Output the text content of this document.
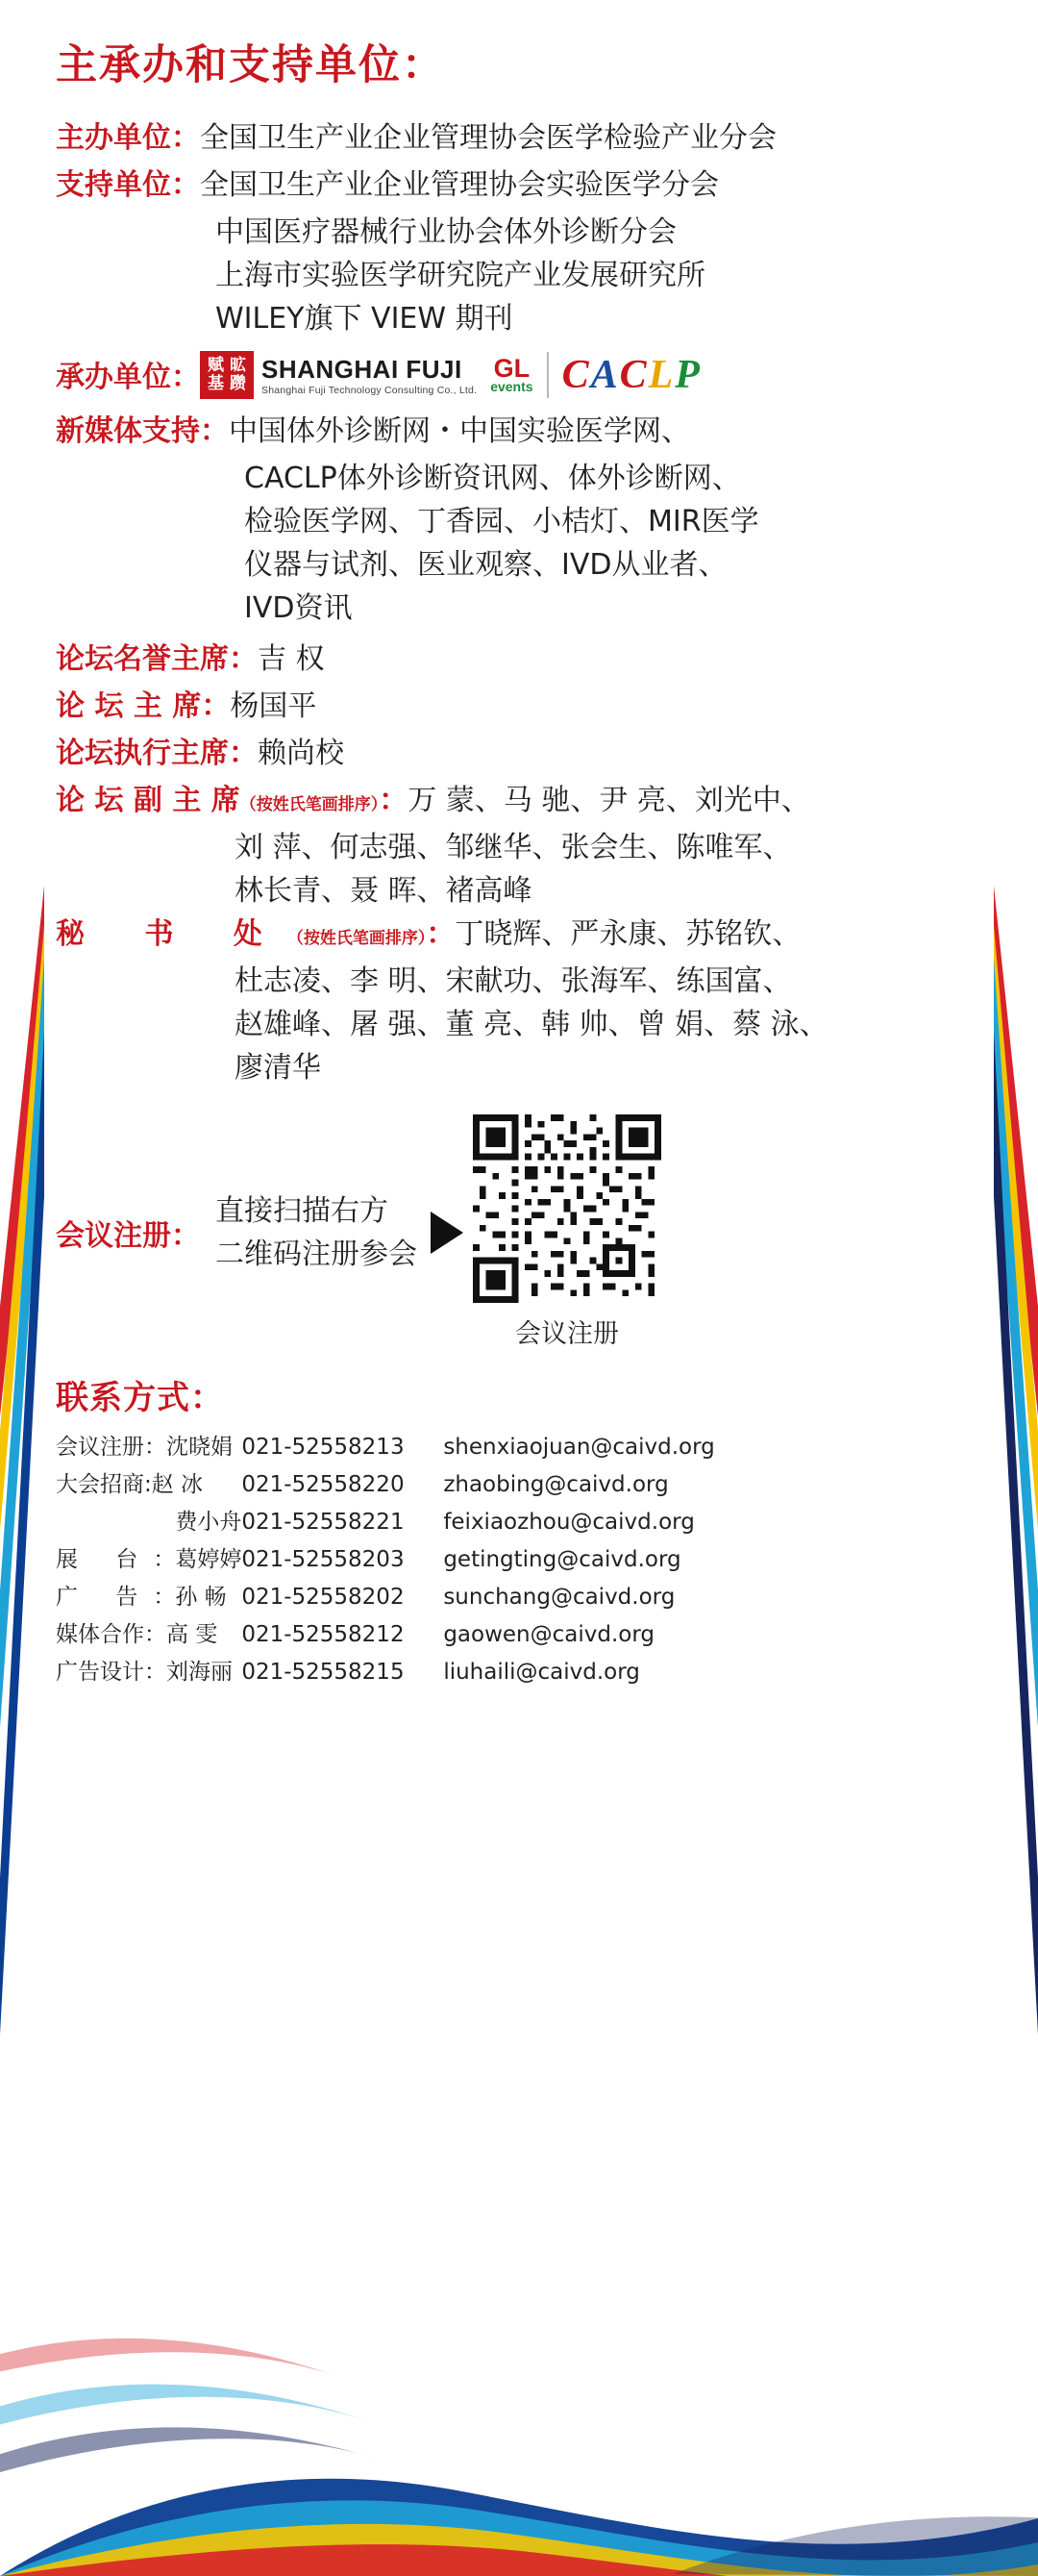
主承办和支持单位：
主办单位： 全国卫生产业企业管理协会医学检验产业分会
支持单位： 全国卫生产业企业管理协会实验医学分会
中国医疗器械行业协会体外诊断分会
上海市实验医学研究院产业发展研究所
WILEY旗下 VIEW 期刊
承办单位： 赋 昿
基 躜
SHANGHAI FUJI
Shanghai Fuji Technology Consulting Co., Ltd.
GL
events CACLP
新媒体支持： 中国体外诊断网・中国实验医学网、
CACLP体外诊断资讯网、体外诊断网、
检验医学网、丁香园、小桔灯、MIR医学
仪器与试剂、医业观察、IVD从业者、
IVD资讯
论坛名誉主席： 吉 权
论 坛 主 席： 杨国平
论坛执行主席： 赖尚校
论 坛 副 主 席（按姓氏笔画排序）： 万 蒙、马 驰、尹 亮、刘光中、
刘 萍、何志强、邹继华、张会生、陈唯军、
林长青、聂 晖、褚高峰
秘 书 处（按姓氏笔画排序）： 丁晓辉、严永康、苏铭钦、
杜志凌、李 明、宋献功、张海军、练国富、
赵雄峰、屠 强、董 亮、韩 帅、曾 娟、蔡 泳、
廖清华
会议注册：
直接扫描右方
二维码注册参会
会议注册
联系方式：
会议注册：沈晓娟	021-52558213	shenxiaojuan@caivd.org
大会招商:赵 冰	021-52558220	zhaobing@caivd.org
费小舟	021-52558221	feixiaozhou@caivd.org
展 台：葛婷婷	021-52558203	getingting@caivd.org
广 告：孙 畅	021-52558202	sunchang@caivd.org
媒体合作：高 雯	021-52558212	gaowen@caivd.org
广告设计：刘海丽	021-52558215	liuhaili@caivd.org
